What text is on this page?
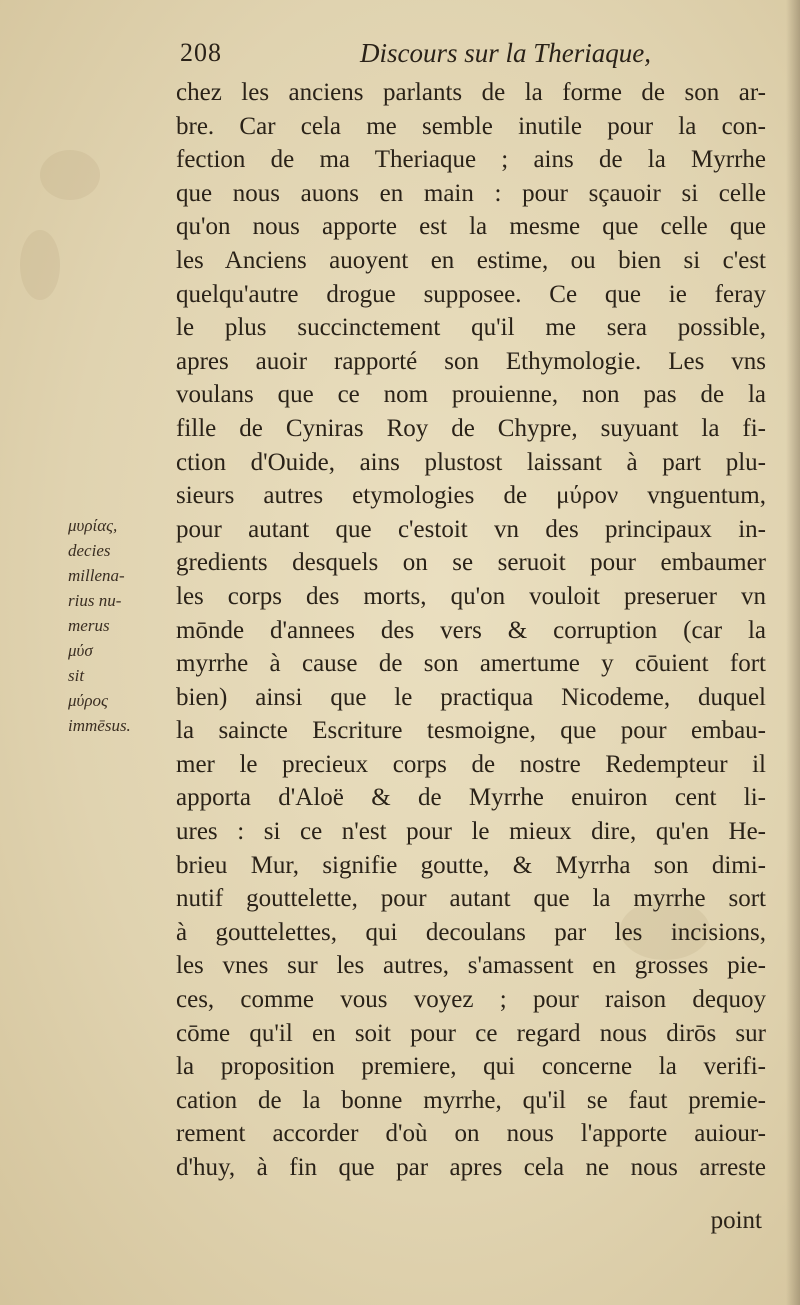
208	Discours sur la Theriaque,
μυρίας,
decies
millena-
rius nu-
merus
μύσ
sit
μύρος
immēsus.
chez les anciens parlants de la forme de son ar-
bre. Car cela me semble inutile pour la con-
fection de ma Theriaque ; ains de la Myrrhe
que nous auons en main : pour sçauoir si celle
qu'on nous apporte est la mesme que celle que
les Anciens auoyent en estime, ou bien si c'est
quelqu'autre drogue supposee. Ce que ie feray
le plus succinctement qu'il me sera possible,
apres auoir rapporté son Ethymologie. Les vns
voulans que ce nom prouienne, non pas de la
fille de Cyniras Roy de Chypre, suyuant la fi-
ction d'Ouide, ains plustost laissant à part plu-
sieurs autres etymologies de μύρον vnguentum,
pour autant que c'estoit vn des principaux in-
gredients desquels on se seruoit pour embaumer
les corps des morts, qu'on vouloit preseruer vn
mōnde d'annees des vers & corruption (car la
myrrhe à cause de son amertume y cōuient fort
bien) ainsi que le practiqua Nicodeme, duquel
la saincte Escriture tesmoigne, que pour embau-
mer le precieux corps de nostre Redempteur il
apporta d'Aloë & de Myrrhe enuiron cent li-
ures : si ce n'est pour le mieux dire, qu'en He-
brieu Mur, signifie goutte, & Myrrha son dimi-
nutif gouttelette, pour autant que la myrrhe sort
à gouttelettes, qui decoulans par les incisions,
les vnes sur les autres, s'amassent en grosses pie-
ces, comme vous voyez ; pour raison dequoy
cōme qu'il en soit pour ce regard nous dirōs sur
la proposition premiere, qui concerne la verifi-
cation de la bonne myrrhe, qu'il se faut premie-
rement accorder d'où on nous l'apporte auiour-
d'huy, à fin que par apres cela ne nous arreste
point
